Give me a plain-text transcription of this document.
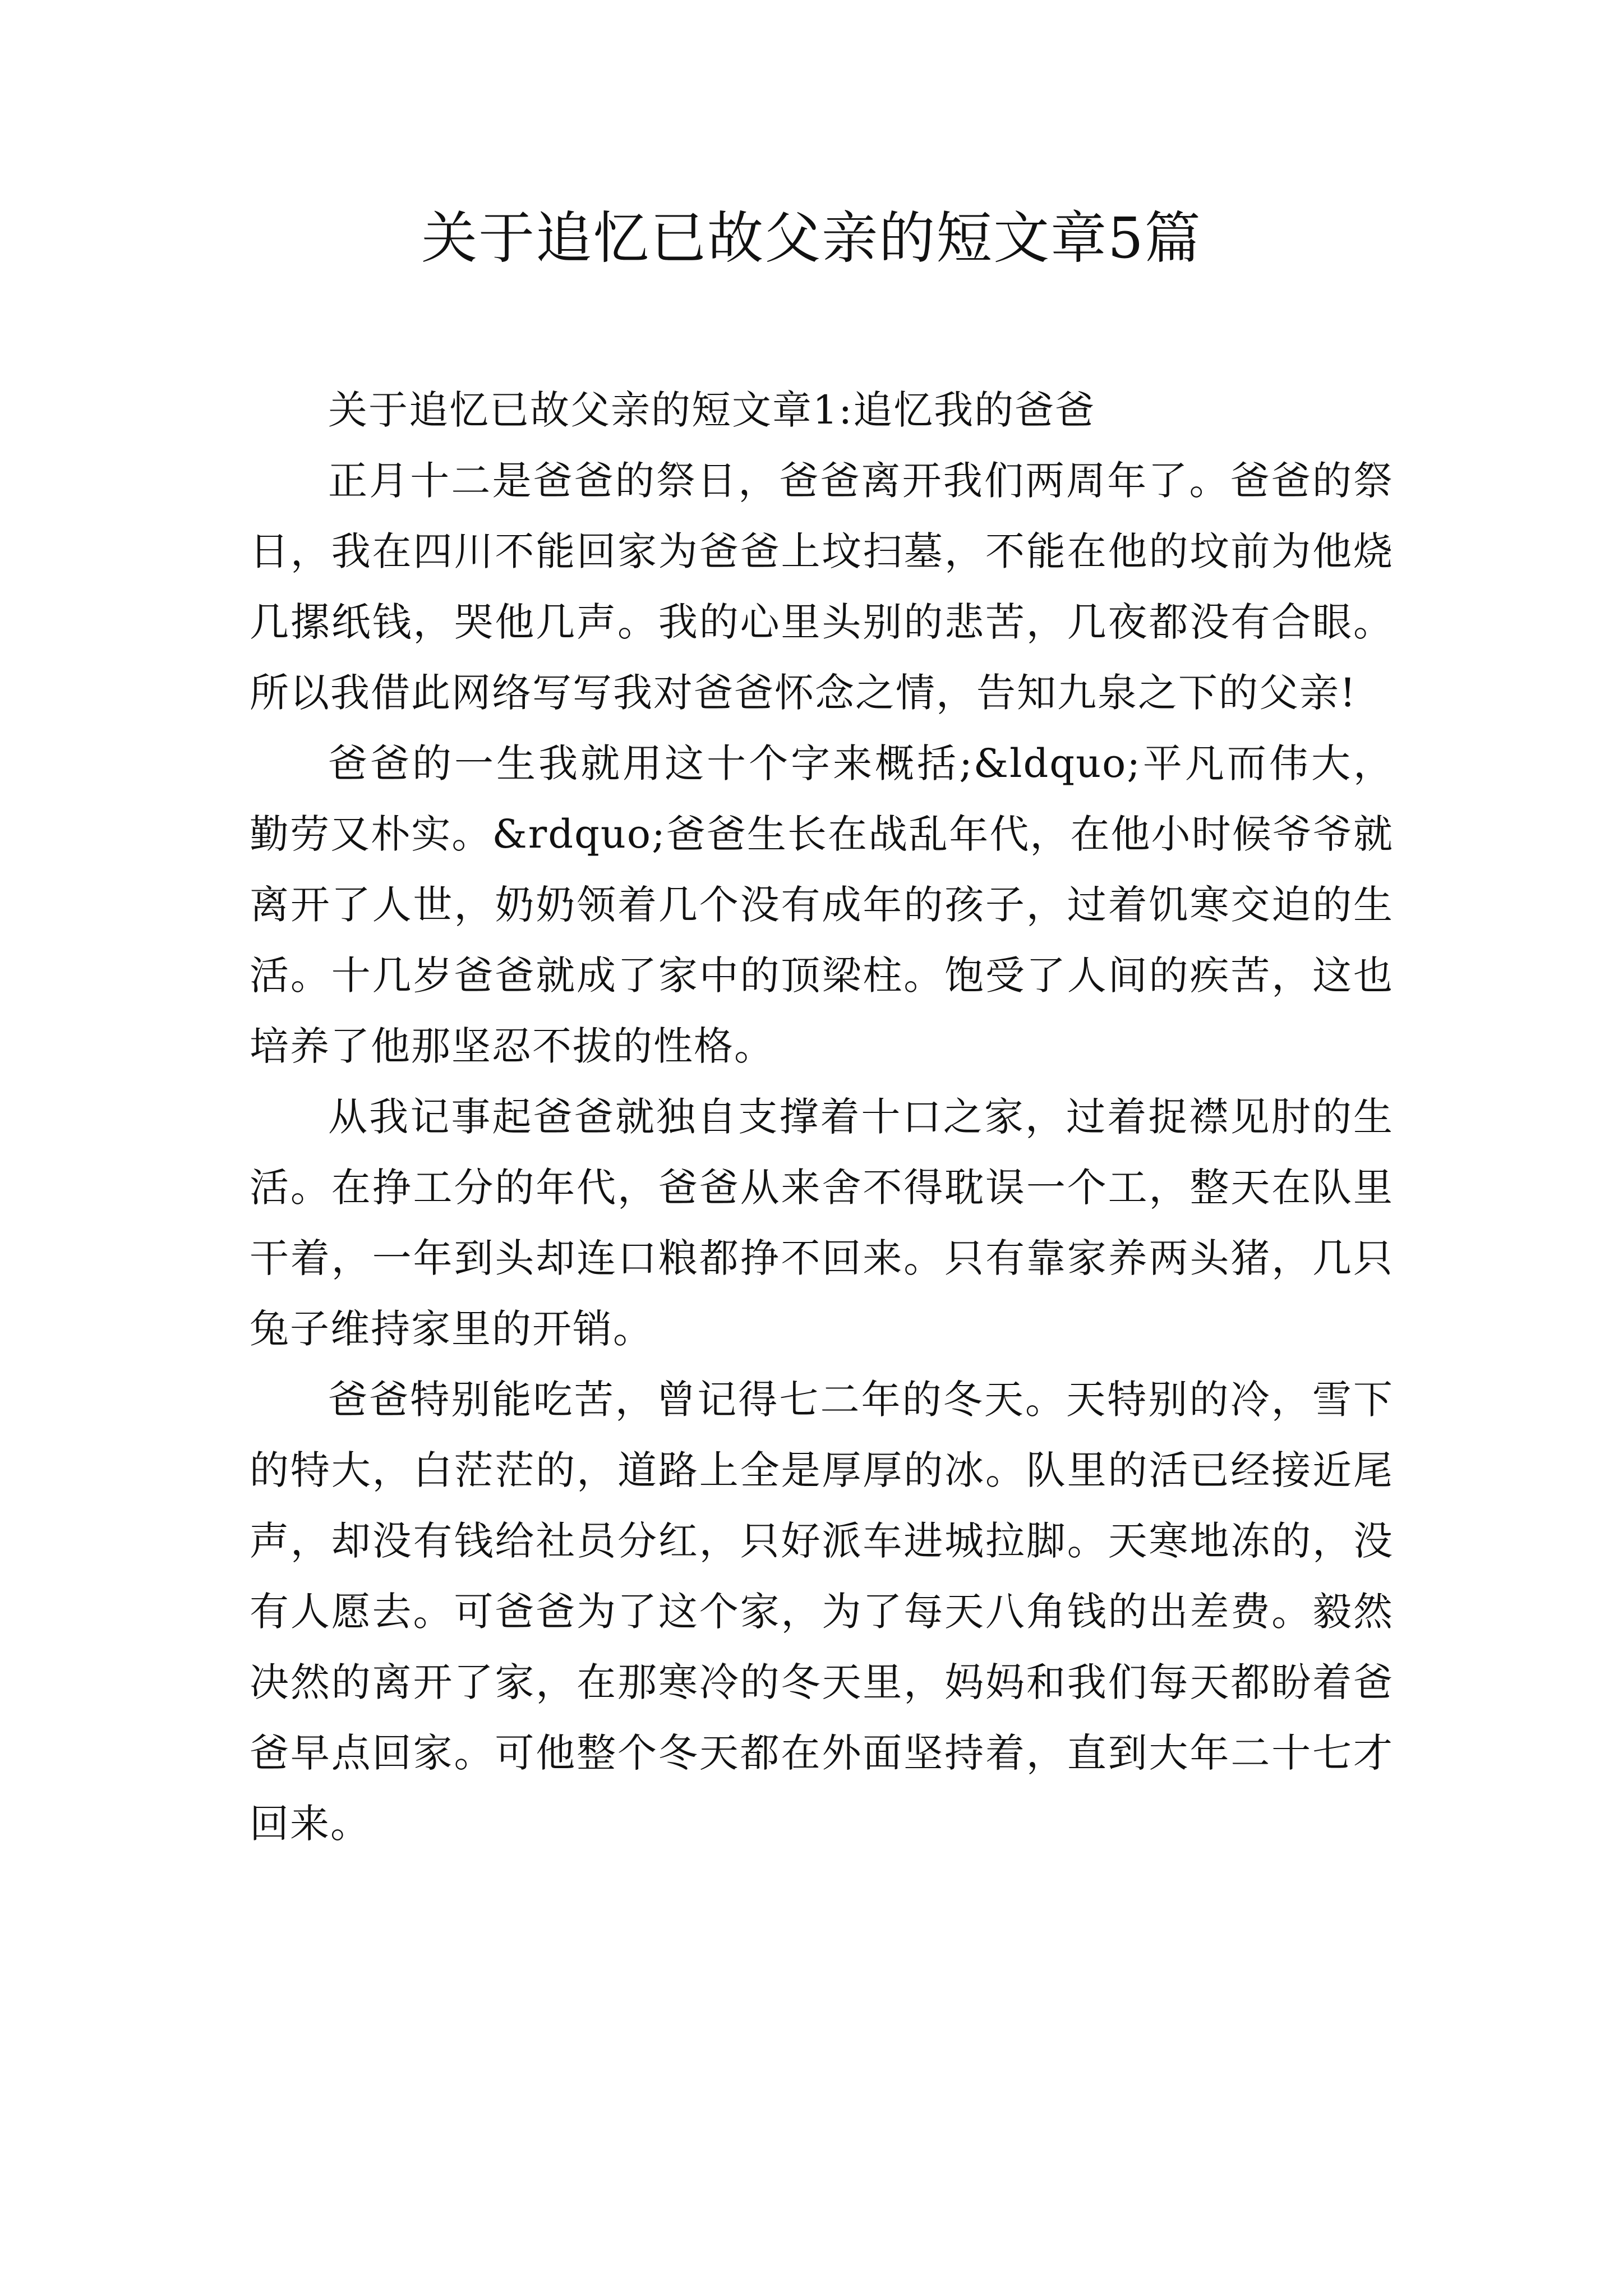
关于追忆已故父亲的短文章5篇

关于追忆已故父亲的短文章1:追忆我的爸爸

正月十二是爸爸的祭日，爸爸离开我们两周年了。爸爸的祭日，我在四川不能回家为爸爸上坟扫墓，不能在他的坟前为他烧几摞纸钱，哭他几声。我的心里头别的悲苦，几夜都没有合眼。所以我借此网络写写我对爸爸怀念之情，告知九泉之下的父亲!

爸爸的一生我就用这十个字来概括;&ldquo;平凡而伟大，勤劳又朴实。&rdquo;爸爸生长在战乱年代，在他小时候爷爷就离开了人世，奶奶领着几个没有成年的孩子，过着饥寒交迫的生活。十几岁爸爸就成了家中的顶梁柱。饱受了人间的疾苦，这也培养了他那坚忍不拔的性格。

从我记事起爸爸就独自支撑着十口之家，过着捉襟见肘的生活。在挣工分的年代，爸爸从来舍不得耽误一个工，整天在队里干着，一年到头却连口粮都挣不回来。只有靠家养两头猪，几只兔子维持家里的开销。

爸爸特别能吃苦，曾记得七二年的冬天。天特别的冷，雪下的特大，白茫茫的，道路上全是厚厚的冰。队里的活已经接近尾声，却没有钱给社员分红，只好派车进城拉脚。天寒地冻的，没有人愿去。可爸爸为了这个家，为了每天八角钱的出差费。毅然决然的离开了家，在那寒冷的冬天里，妈妈和我们每天都盼着爸爸早点回家。可他整个冬天都在外面坚持着，直到大年二十七才回来。
